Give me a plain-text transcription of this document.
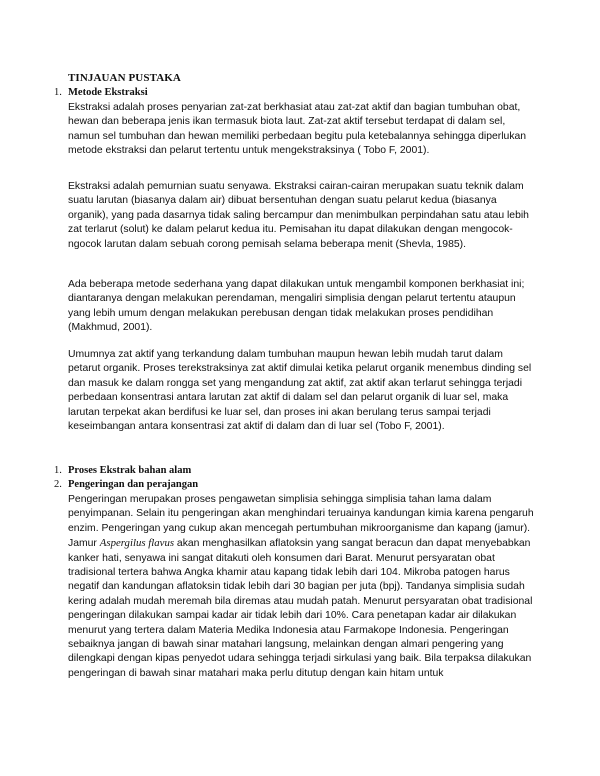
TINJAUAN PUSTAKA
1. Metode Ekstraksi

Ekstraksi adalah proses penyarian zat-zat berkhasiat atau zat-zat aktif dan bagian tumbuhan obat, hewan dan beberapa jenis ikan termasuk biota laut. Zat-zat aktif tersebut terdapat di dalam sel, namun sel tumbuhan dan hewan memiliki perbedaan begitu pula ketebalannya sehingga diperlukan metode ekstraksi dan pelarut tertentu untuk mengekstraksinya ( Tobo F, 2001).

Ekstraksi adalah pemurnian suatu senyawa. Ekstraksi cairan-cairan merupakan suatu teknik dalam suatu larutan (biasanya dalam air) dibuat bersentuhan dengan suatu pelarut kedua (biasanya organik), yang pada dasarnya tidak saling bercampur dan menimbulkan perpindahan satu atau lebih zat terlarut (solut) ke dalam pelarut kedua itu. Pemisahan itu dapat dilakukan dengan mengocok-ngocok larutan dalam sebuah corong pemisah selama beberapa menit (Shevla, 1985).

Ada beberapa metode sederhana yang dapat dilakukan untuk mengambil komponen berkhasiat ini; diantaranya dengan melakukan perendaman, mengaliri simplisia dengan pelarut tertentu ataupun yang lebih umum dengan melakukan perebusan dengan tidak melakukan proses pendidihan (Makhmud, 2001).

Umumnya zat aktif yang terkandung dalam tumbuhan maupun hewan lebih mudah tarut dalam petarut organik. Proses terekstraksinya zat aktif dimulai ketika pelarut organik menembus dinding sel dan masuk ke dalam rongga set yang mengandung zat aktif, zat aktif akan terlarut sehingga terjadi perbedaan konsentrasi antara larutan zat aktif di dalam sel dan pelarut organik di luar sel, maka larutan terpekat akan berdifusi ke luar sel, dan proses ini akan berulang terus sampai terjadi keseimbangan antara konsentrasi zat aktif di dalam dan di luar sel (Tobo F, 2001).

1. Proses Ekstrak bahan alam
2. Pengeringan dan perajangan

Pengeringan merupakan proses pengawetan simplisia sehingga simplisia tahan lama dalam penyimpanan. Selain itu pengeringan akan menghindari teruainya kandungan kimia karena pengaruh enzim. Pengeringan yang cukup akan mencegah pertumbuhan mikroorganisme dan kapang (jamur). Jamur Aspergilus flavus akan menghasilkan aflatoksin yang sangat beracun dan dapat menyebabkan kanker hati, senyawa ini sangat ditakuti oleh konsumen dari Barat. Menurut persyaratan obat tradisional tertera bahwa Angka khamir atau kapang tidak lebih dari 104. Mikroba patogen harus negatif dan kandungan aflatoksin tidak lebih dari 30 bagian per juta (bpj). Tandanya simplisia sudah kering adalah mudah meremah bila diremas atau mudah patah. Menurut persyaratan obat tradisional pengeringan dilakukan sampai kadar air tidak lebih dari 10%. Cara penetapan kadar air dilakukan menurut yang tertera dalam Materia Medika Indonesia atau Farmakope Indonesia. Pengeringan sebaiknya jangan di bawah sinar matahari langsung, melainkan dengan almari pengering yang dilengkapi dengan kipas penyedot udara sehingga terjadi sirkulasi yang baik. Bila terpaksa dilakukan pengeringan di bawah sinar matahari maka perlu ditutup dengan kain hitam untuk
